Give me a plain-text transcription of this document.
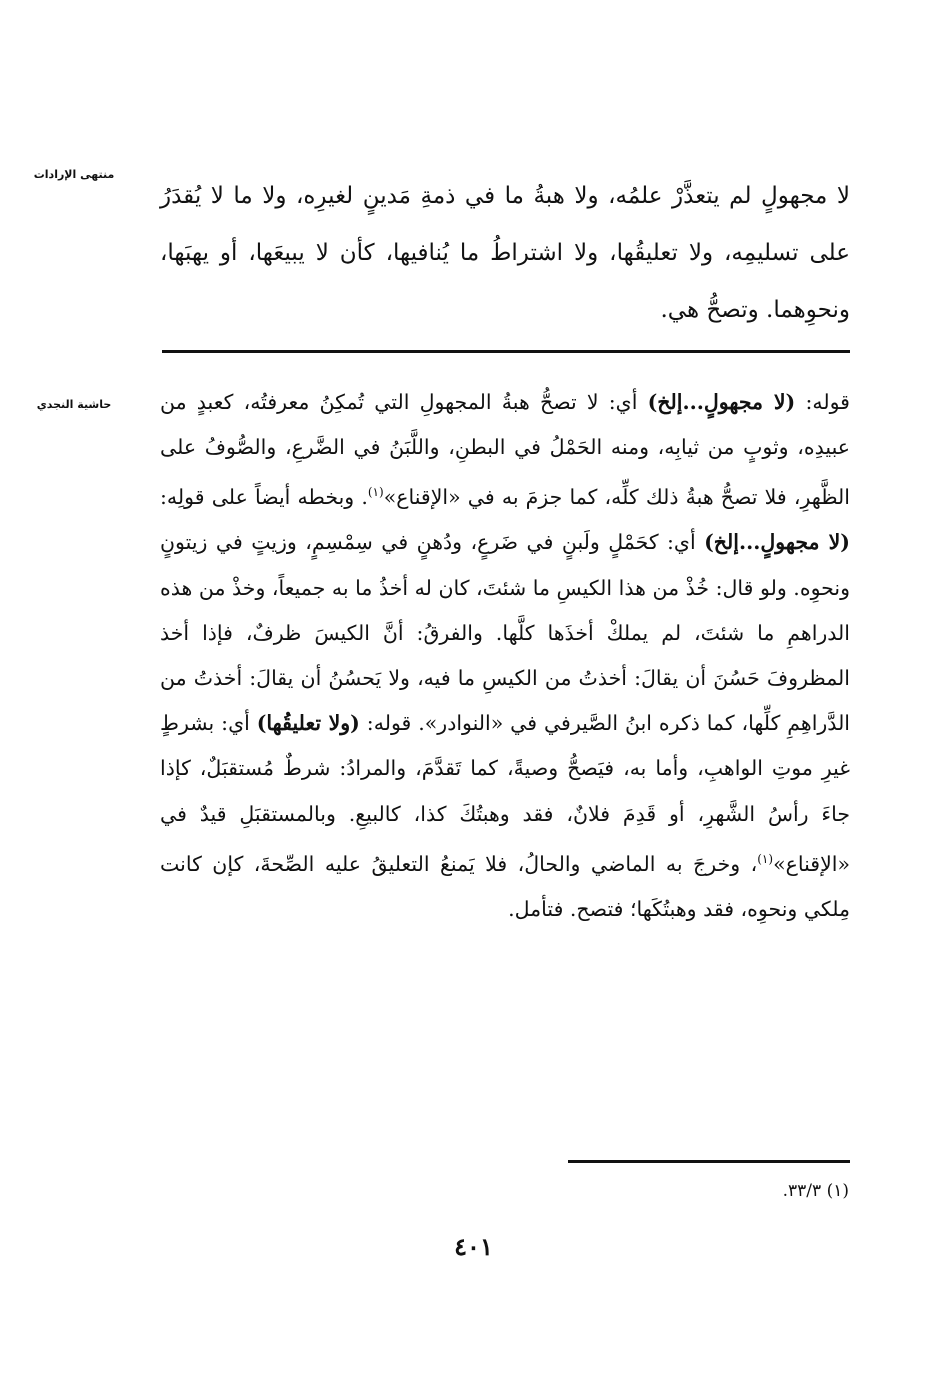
منتهى الإرادات
حاشية النجدي
لا مجهولٍ لم يتعذَّرْ علمُه، ولا هبةُ ما في ذمةِ مَدينٍ لغيرِه، ولا ما لا يُقدَرُ على تسليمِه، ولا تعليقُها، ولا اشتراطُ ما يُنافيها، كأن لا يبيعَها، أو يهبَها، ونحوِهما. وتصحُّ هي.
قوله: (لا مجهولٍ...إلخ) أي: لا تصحُّ هبةُ المجهولِ التي تُمكِنُ معرفتُه، كعبدٍ من عبيدِه، وثوبٍ من ثيابِه، ومنه الحَمْلُ في البطنِ، واللَّبَنُ في الضَّرعِ، والصُّوفُ على الظَّهرِ، فلا تصحُّ هبةُ ذلك كلِّه، كما جزمَ به في «الإقناع»$^{(١)}$. وبخطه أيضاً على قولِه: (لا مجهولٍ...إلخ) أي: كحَمْلٍ ولَبنٍ في ضَرعٍ، ودُهنٍ في سِمْسِمٍ، وزيتٍ في زيتونٍ ونحوِه. ولو قال: خُذْ من هذا الكيسِ ما شئتَ، كان له أخذُ ما به جميعاً، وخذْ من هذه الدراهمِ ما شئتَ، لم يملكْ أخذَها كلَّها. والفرقُ: أنَّ الكيسَ ظرفٌ، فإذا أخذ المظروفَ حَسُنَ أن يقالَ: أخذتُ من الكيسِ ما فيه، ولا يَحسُنُ أن يقالَ: أخذتُ من الدَّراهِمِ كلِّها، كما ذكره ابنُ الصَّيرفي في «النوادر». قوله: (ولا تعليقُها) أي: بشرطٍ غيرِ موتِ الواهبِ، وأما به، فيَصحُّ وصيةً، كما تَقدَّمَ، والمرادُ: شرطٌ مُستقبَلٌ، كإذا جاءَ رأسُ الشَّهرِ، أو قَدِمَ فلانٌ، فقد وهبتُكَ كذا، كالبيعِ. وبالمستقبَلِ قيدٌ في «الإقناع»$^{(١)}$، وخرجَ به الماضي والحالُ، فلا يَمنعُ التعليقُ عليه الصِّحةَ، كإن كانت مِلكي ونحوِه، فقد وهبتُكَها؛ فتصح. فتأمل.
(١) ٣٣/٣.
٤٠١
